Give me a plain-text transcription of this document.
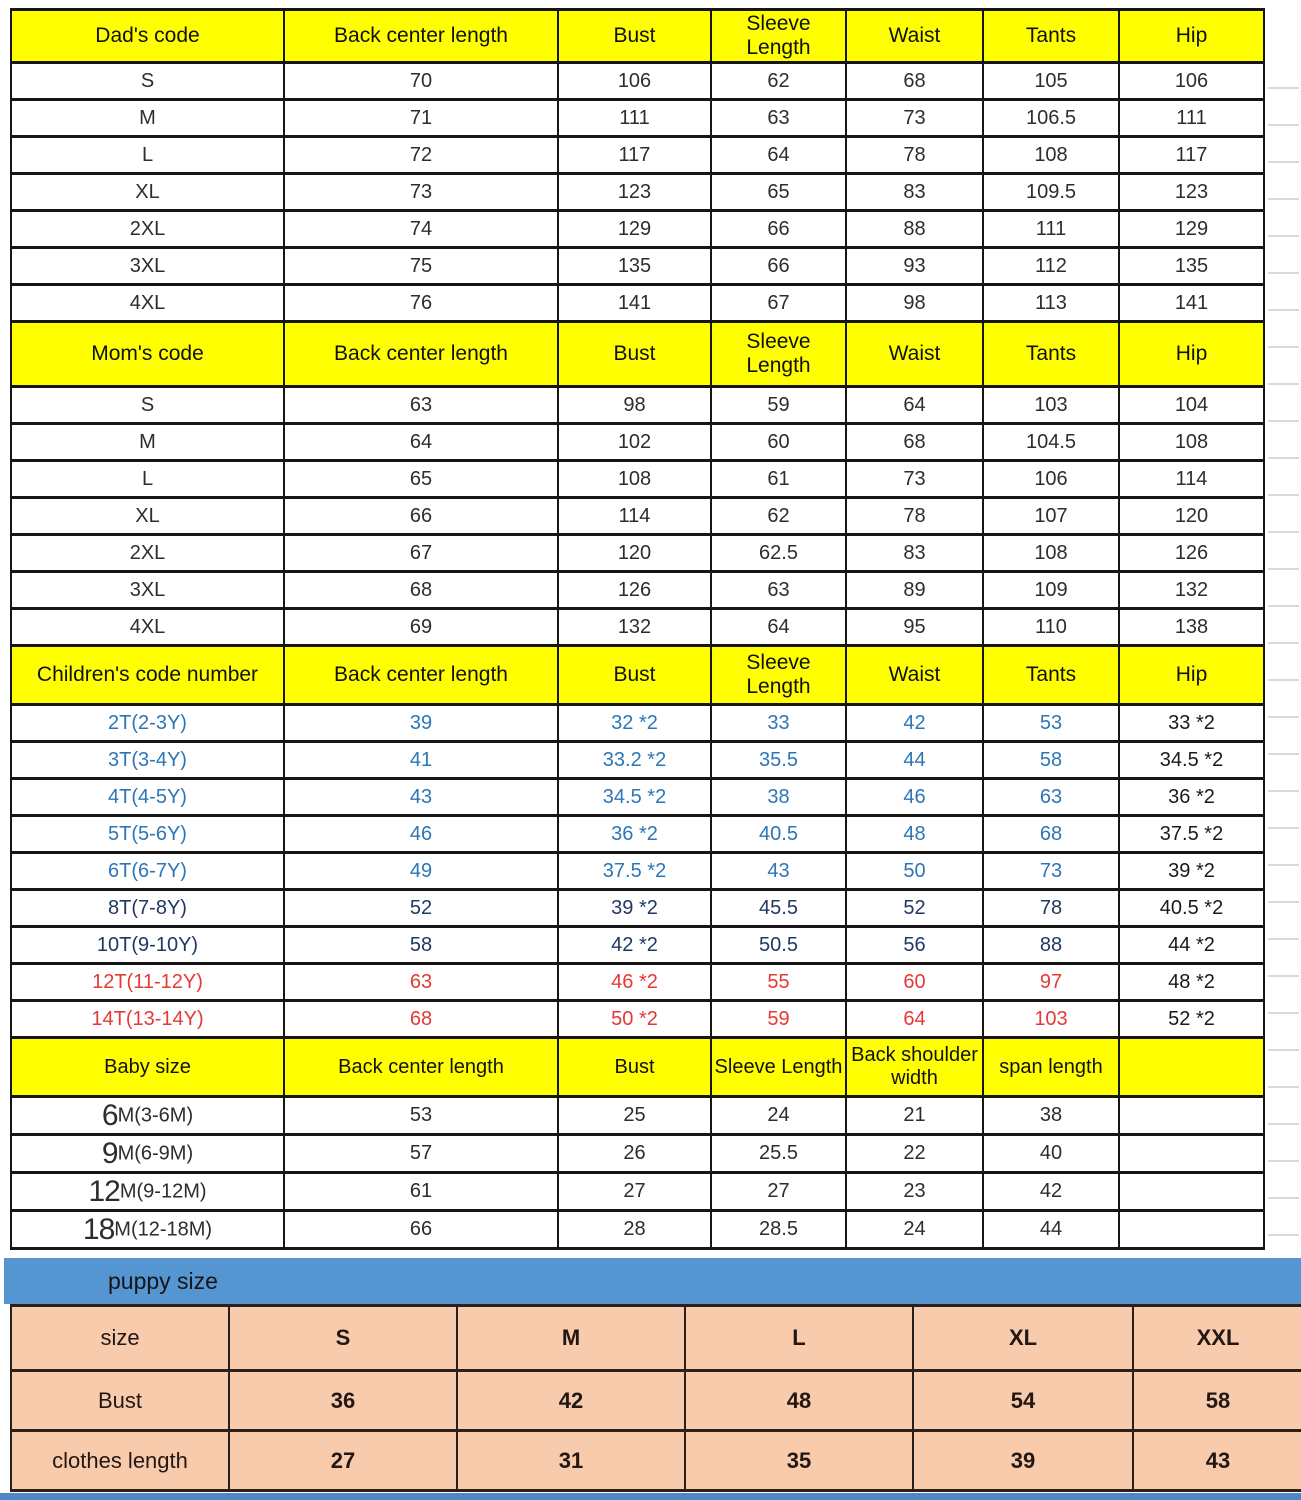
Dad's code	Back center length	Bust	Sleeve Length	Waist	Tants	Hip
S	70	106	62	68	105	106
M	71	111	63	73	106.5	111
L	72	117	64	78	108	117
XL	73	123	65	83	109.5	123
2XL	74	129	66	88	111	129
3XL	75	135	66	93	112	135
4XL	76	141	67	98	113	141
Mom's code	Back center length	Bust	Sleeve Length	Waist	Tants	Hip
S	63	98	59	64	103	104
M	64	102	60	68	104.5	108
L	65	108	61	73	106	114
XL	66	114	62	78	107	120
2XL	67	120	62.5	83	108	126
3XL	68	126	63	89	109	132
4XL	69	132	64	95	110	138
Children's code number	Back center length	Bust	Sleeve Length	Waist	Tants	Hip
2T(2-3Y)	39	32 *2	33	42	53	33 *2
3T(3-4Y)	41	33.2 *2	35.5	44	58	34.5 *2
4T(4-5Y)	43	34.5 *2	38	46	63	36 *2
5T(5-6Y)	46	36 *2	40.5	48	68	37.5 *2
6T(6-7Y)	49	37.5 *2	43	50	73	39 *2
8T(7-8Y)	52	39 *2	45.5	52	78	40.5 *2
10T(9-10Y)	58	42 *2	50.5	56	88	44 *2
12T(11-12Y)	63	46 *2	55	60	97	48 *2
14T(13-14Y)	68	50 *2	59	64	103	52 *2
Baby size	Back center length	Bust	Sleeve Length	Back shoulder width	span length	
6M(3-6M)	53	25	24	21	38	
9M(6-9M)	57	26	25.5	22	40	
12M(9-12M)	61	27	27	23	42	
18M(12-18M)	66	28	28.5	24	44	
puppy size
size	S	M	L	XL	XXL
Bust	36	42	48	54	58
clothes length	27	31	35	39	43
